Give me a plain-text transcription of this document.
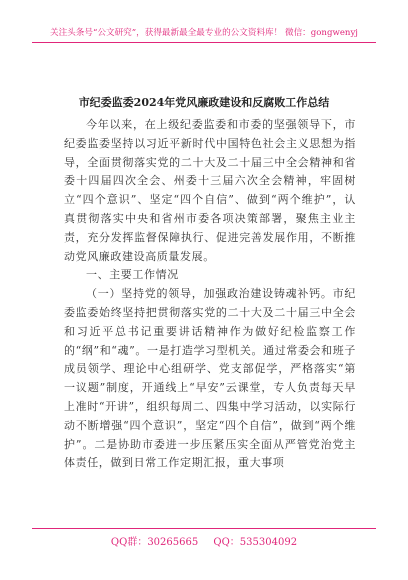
关注头条号“公文研究”，获得最新最全最专业的公文资料库！ 微信：gongwenyj
市纪委监委2024年党风廉政建设和反腐败工作总结

今年以来，在上级纪委监委和市委的坚强领导下，市纪委监委坚持以习近平新时代中国特色社会主义思想为指导，全面贯彻落实党的二十大及二十届三中全会精神和省委十四届四次全会、州委十三届六次全会精神，牢固树立“四个意识”、坚定“四个自信”、做到“两个维护”，认真贯彻落实中央和省州市委各项决策部署，聚焦主业主责，充分发挥监督保障执行、促进完善发展作用，不断推动党风廉政建设高质量发展。

一、主要工作情况

（一）坚持党的领导，加强政治建设铸魂补钙。市纪委监委始终坚持把贯彻落实党的二十大及二十届三中全会和习近平总书记重要讲话精神作为做好纪检监察工作的“纲”和“魂”。一是打造学习型机关。通过常委会和班子成员领学、理论中心组研学、党支部促学，严格落实“第一议题”制度，开通线上“早安”云课堂，专人负责每天早上准时“开讲”，组织每周二、四集中学习活动，以实际行动不断增强“四个意识”，坚定“四个自信”，做到“两个维护”。二是协助市委进一步压紧压实全面从严管党治党主体责任，做到日常工作定期汇报，重大事项

QQ群：30265665 QQ：535304092
